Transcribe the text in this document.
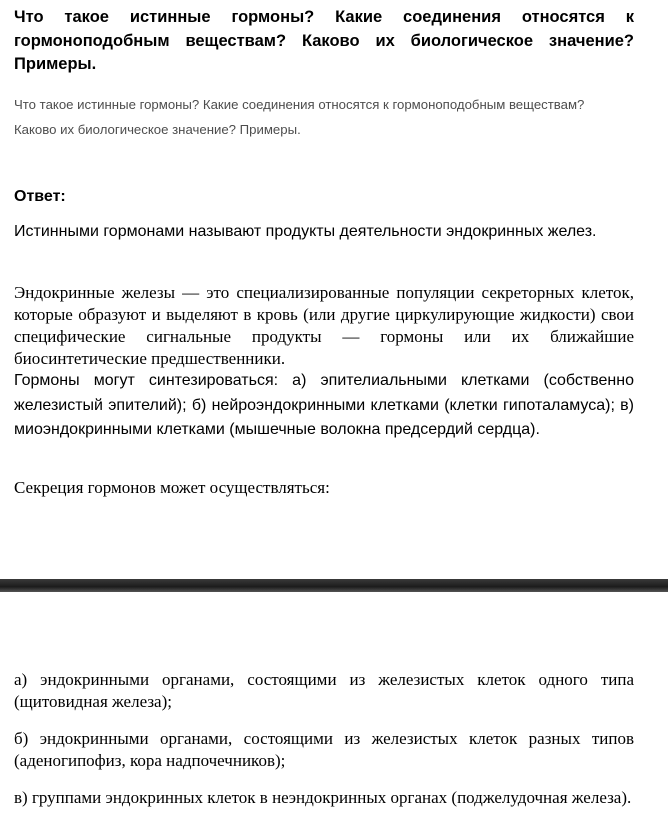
Что такое истинные гормоны? Какие соединения относятся к гормоноподобным веществам? Каково их биологическое значение? Примеры.
Что такое истинные гормоны? Какие соединения относятся к гормоноподобным веществам? Каково их биологическое значение? Примеры.
Ответ:
Истинными гормонами называют продукты деятельности эндокринных желез.
Эндокринные железы — это специализированные популяции секреторных клеток, которые образуют и выделяют в кровь (или другие циркулирующие жидкости) свои специфические сигнальные продукты — гормоны или их ближайшие биосинтетические предшественники.
Гормоны могут синтезироваться: а) эпителиальными клетками (собственно железистый эпителий); б) нейроэндокринными клетками (клетки гипоталамуса); в) миоэндокринными клетками (мышечные волокна предсердий сердца).
Секреция гормонов может осуществляться:
а) эндокринными органами, состоящими из железистых клеток одного типа (щитовидная железа);
б) эндокринными органами, состоящими из железистых клеток разных типов (аденогипофиз, кора надпочечников);
в) группами эндокринных клеток в неэндокринных органах (поджелудочная железа).
